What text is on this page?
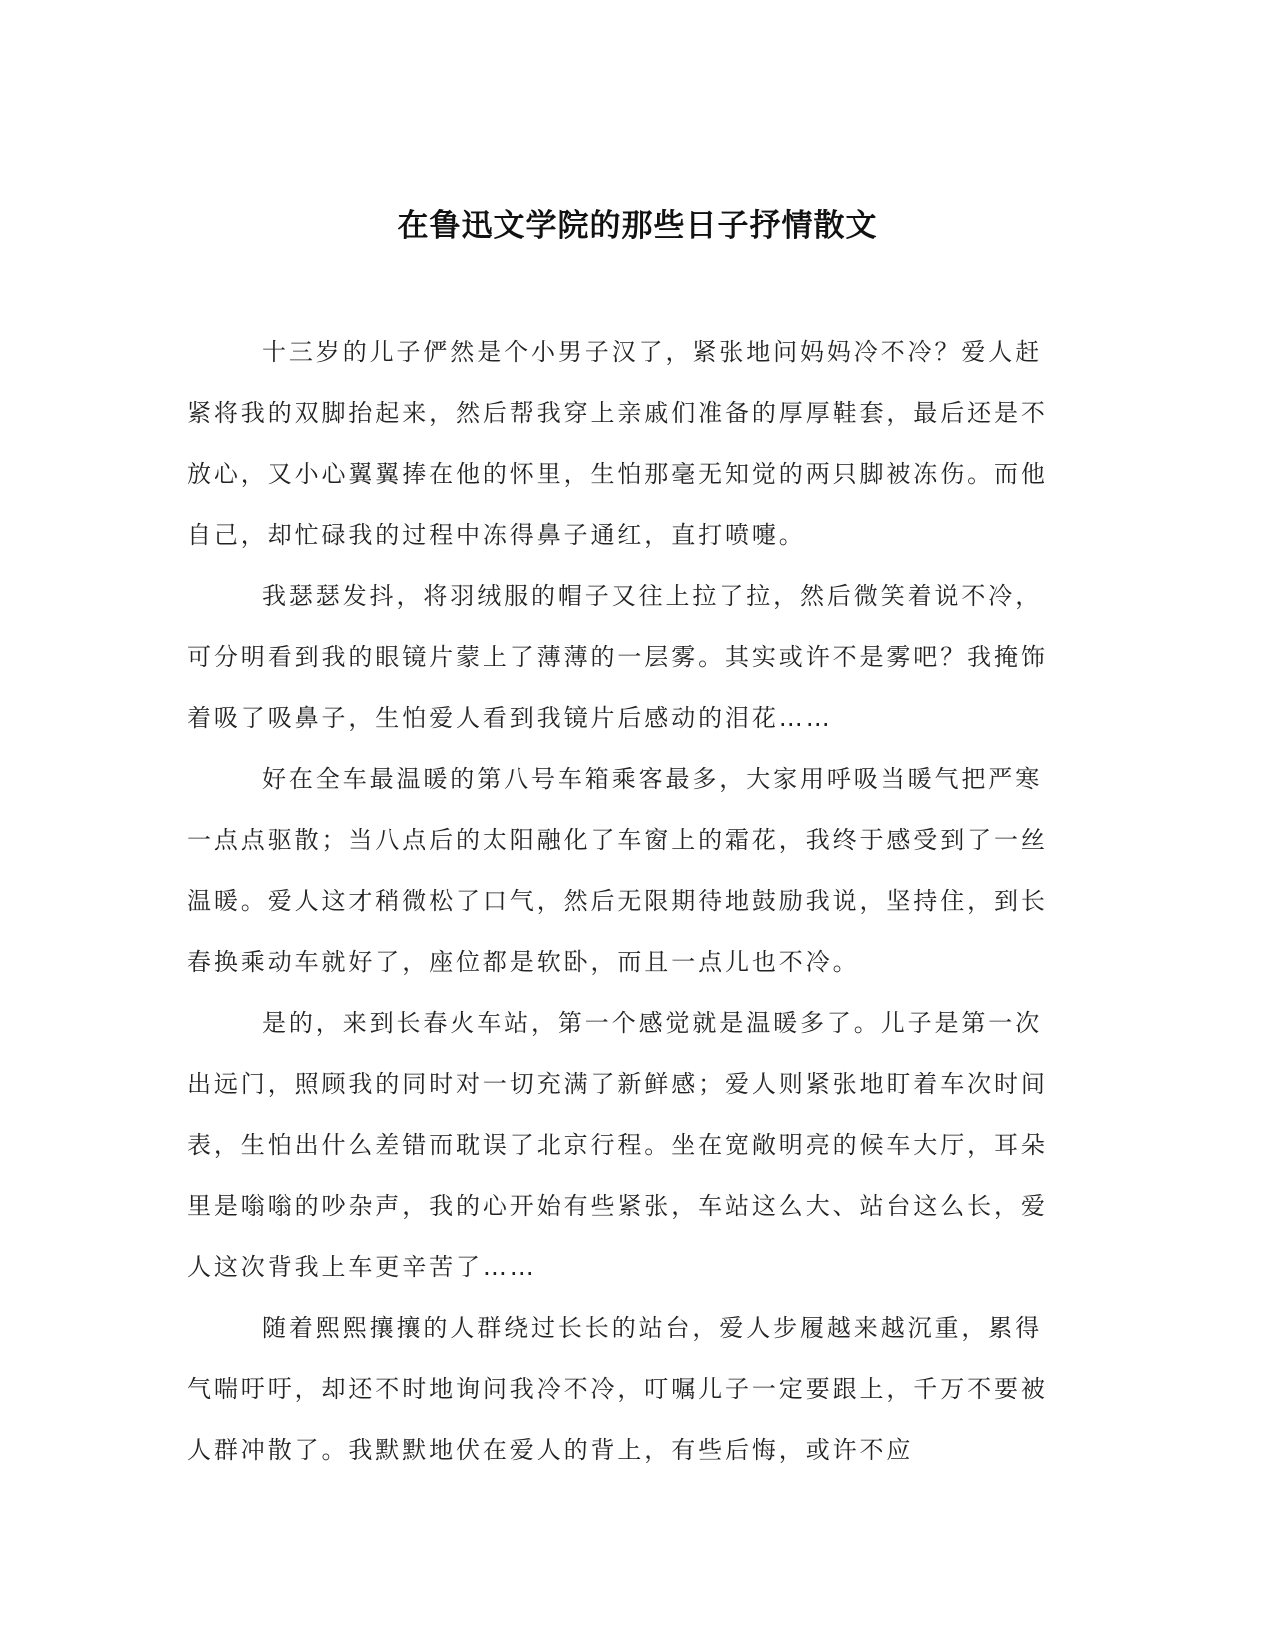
在鲁迅文学院的那些日子抒情散文

十三岁的儿子俨然是个小男子汉了，紧张地问妈妈冷不冷？爱人赶紧将我的双脚抬起来，然后帮我穿上亲戚们准备的厚厚鞋套，最后还是不放心，又小心翼翼捧在他的怀里，生怕那毫无知觉的两只脚被冻伤。而他自己，却忙碌我的过程中冻得鼻子通红，直打喷嚏。

我瑟瑟发抖，将羽绒服的帽子又往上拉了拉，然后微笑着说不冷，可分明看到我的眼镜片蒙上了薄薄的一层雾。其实或许不是雾吧？我掩饰着吸了吸鼻子，生怕爱人看到我镜片后感动的泪花……

好在全车最温暖的第八号车箱乘客最多，大家用呼吸当暖气把严寒一点点驱散；当八点后的太阳融化了车窗上的霜花，我终于感受到了一丝温暖。爱人这才稍微松了口气，然后无限期待地鼓励我说，坚持住，到长春换乘动车就好了，座位都是软卧，而且一点儿也不冷。

是的，来到长春火车站，第一个感觉就是温暖多了。儿子是第一次出远门，照顾我的同时对一切充满了新鲜感；爱人则紧张地盯着车次时间表，生怕出什么差错而耽误了北京行程。坐在宽敞明亮的候车大厅，耳朵里是嗡嗡的吵杂声，我的心开始有些紧张，车站这么大、站台这么长，爱人这次背我上车更辛苦了……

随着熙熙攘攘的人群绕过长长的站台，爱人步履越来越沉重，累得气喘吁吁，却还不时地询问我冷不冷，叮嘱儿子一定要跟上，千万不要被人群冲散了。我默默地伏在爱人的背上，有些后悔，或许不应
